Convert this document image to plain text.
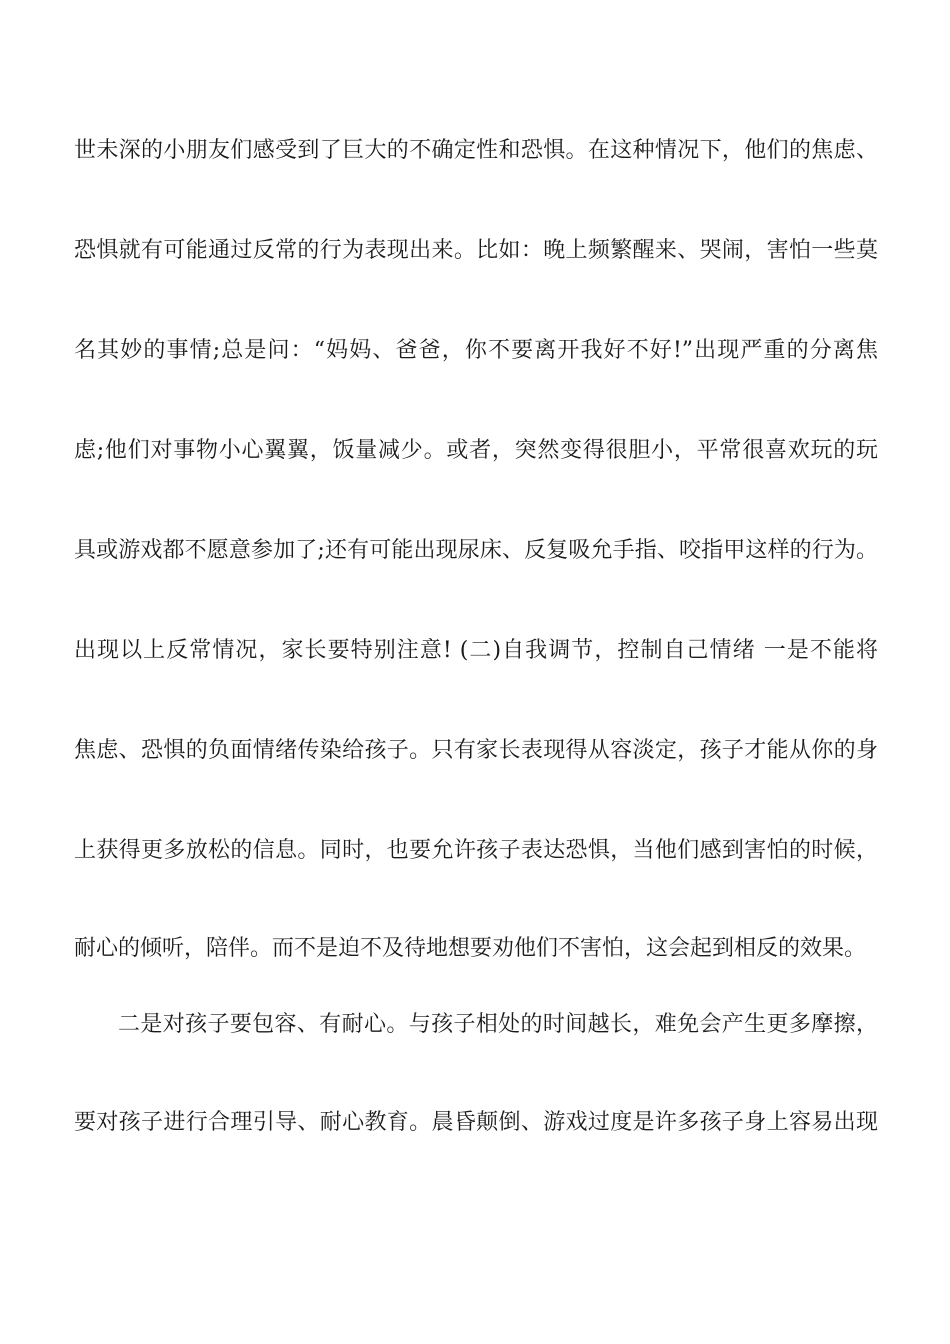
世未深的小朋友们感受到了巨大的不确定性和恐惧。在这种情况下，他们的焦虑、
恐惧就有可能通过反常的行为表现出来。比如：晚上频繁醒来、哭闹，害怕一些莫
名其妙的事情;总是问：“妈妈、爸爸，你不要离开我好不好!”出现严重的分离焦
虑;他们对事物小心翼翼，饭量减少。或者，突然变得很胆小，平常很喜欢玩的玩
具或游戏都不愿意参加了;还有可能出现尿床、反复吸允手指、咬指甲这样的行为。
出现以上反常情况，家长要特别注意! (二)自我调节，控制自己情绪 一是不能将
焦虑、恐惧的负面情绪传染给孩子。只有家长表现得从容淡定，孩子才能从你的身
上获得更多放松的信息。同时，也要允许孩子表达恐惧，当他们感到害怕的时候，
耐心的倾听，陪伴。而不是迫不及待地想要劝他们不害怕，这会起到相反的效果。
二是对孩子要包容、有耐心。与孩子相处的时间越长，难免会产生更多摩擦，
要对孩子进行合理引导、耐心教育。晨昏颠倒、游戏过度是许多孩子身上容易出现
